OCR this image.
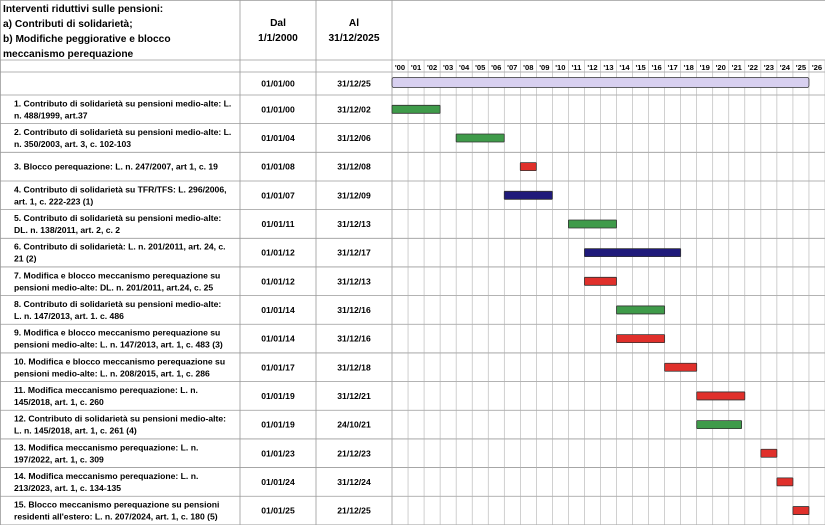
Interventi riduttivi sulle pensioni:
a) Contributi di solidarietà;
b) Modifiche peggiorative e blocco
meccanismo perequazione
Dal
1/1/2000
Al
31/12/2025
'00 '01 '02 '03 '04 '05 '06 '07 '08 '09 '10 '11 '12 '13 '14 '15 '16 '17 '18 '19 '20 '21 '22 '23 '24 '25 '26
01/01/00	31/12/25
1. Contributo di solidarietà su pensioni medio-alte: L.
n. 488/1999, art.37
01/01/00	31/12/02
2. Contributo di solidarietà su pensioni medio-alte: L.
n. 350/2003, art. 3, c. 102-103
01/01/04	31/12/06
3. Blocco perequazione: L. n. 247/2007, art 1, c. 19	01/01/08	31/12/08
4. Contributo di solidarietà su TFR/TFS: L. 296/2006,
art. 1, c. 222-223 (1)
01/01/07	31/12/09
5. Contributo di solidarietà su pensioni medio-alte:
DL. n. 138/2011, art. 2, c. 2
01/01/11	31/12/13
6. Contributo di solidarietà: L. n. 201/2011, art. 24, c.
21 (2)
01/01/12	31/12/17
7. Modifica e blocco meccanismo perequazione su
pensioni medio-alte: DL. n. 201/2011, art.24, c. 25
01/01/12	31/12/13
8. Contributo di solidarietà su pensioni medio-alte:
L. n. 147/2013, art. 1. c. 486
01/01/14	31/12/16
9. Modifica e blocco meccanismo perequazione su
pensioni medio-alte: L. n. 147/2013, art. 1, c. 483 (3)
01/01/14	31/12/16
10. Modifica e blocco meccanismo perequazione su
pensioni medio-alte: L. n. 208/2015, art. 1, c. 286
01/01/17	31/12/18
11. Modifica meccanismo perequazione: L. n.
145/2018, art. 1, c. 260
01/01/19	31/12/21
12. Contributo di solidarietà su pensioni medio-alte:
L. n. 145/2018, art. 1, c. 261 (4)
01/01/19	24/10/21
13. Modifica meccanismo perequazione: L. n.
197/2022, art. 1, c. 309
01/01/23	21/12/23
14. Modifica meccanismo perequazione: L. n.
213/2023, art. 1, c. 134-135
01/01/24	31/12/24
15. Blocco meccanismo perequazione su pensioni
residenti all'estero: L. n. 207/2024, art. 1, c. 180 (5)
01/01/25	21/12/25
